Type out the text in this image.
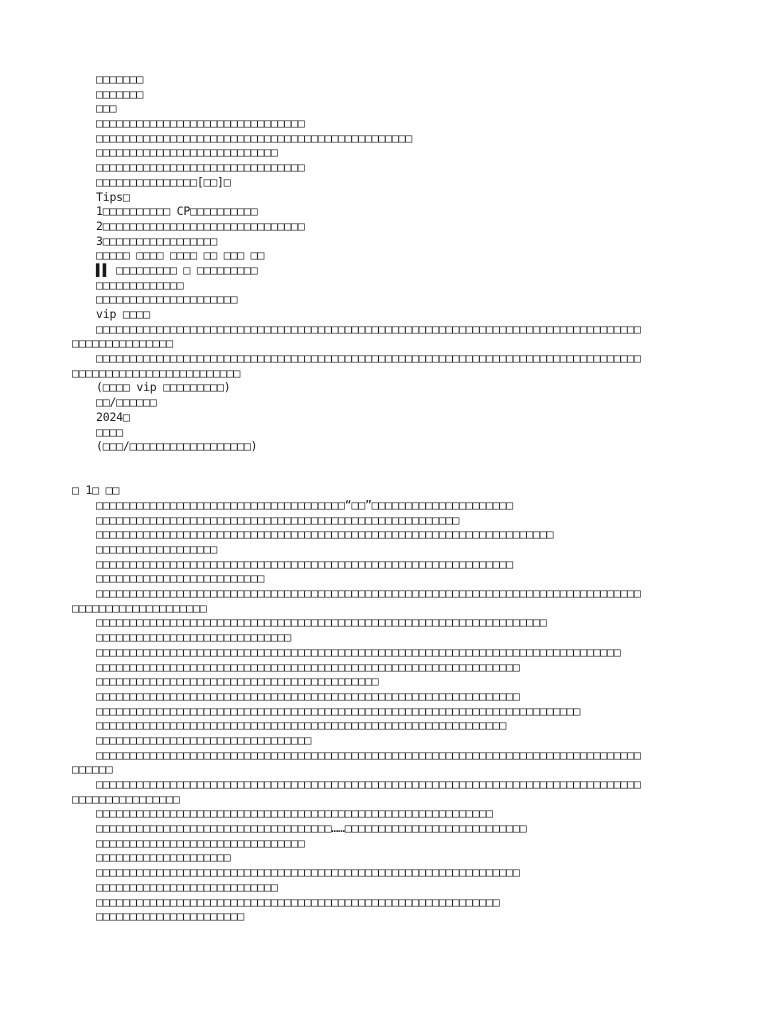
□□□□□□□
□□□□□□□
□□□
□□□□□□□□□□□□□□□□□□□□□□□□□□□□□□□
□□□□□□□□□□□□□□□□□□□□□□□□□□□□□□□□□□□□□□□□□□□□□□□
□□□□□□□□□□□□□□□□□□□□□□□□□□□
□□□□□□□□□□□□□□□□□□□□□□□□□□□□□□□
□□□□□□□□□□□□□□□[□□]□
Tips□
1□□□□□□□□□□ CP□□□□□□□□□□
2□□□□□□□□□□□□□□□□□□□□□□□□□□□□□□
3□□□□□□□□□□□□□□□□□
□□□□□ □□□□ □□□□ □□ □□□ □□
▌▌ □□□□□□□□□ □ □□□□□□□□□
□□□□□□□□□□□□□
□□□□□□□□□□□□□□□□□□□□□
vip □□□□
□□□□□□□□□□□□□□□□□□□□□□□□□□□□□□□□□□□□□□□□□□□□□□□□□□□□□□□□□□□□□□□□□□□□□□□□□□□□□□□□□
□□□□□□□□□□□□□□□
□□□□□□□□□□□□□□□□□□□□□□□□□□□□□□□□□□□□□□□□□□□□□□□□□□□□□□□□□□□□□□□□□□□□□□□□□□□□□□□□□
□□□□□□□□□□□□□□□□□□□□□□□□□
(□□□□ vip □□□□□□□□□)
□□/□□□□□□
2024□
□□□□
(□□□/□□□□□□□□□□□□□□□□□□)
□ 1□ □□
□□□□□□□□□□□□□□□□□□□□□□□□□□□□□□□□□□□□□“□□”□□□□□□□□□□□□□□□□□□□□□
□□□□□□□□□□□□□□□□□□□□□□□□□□□□□□□□□□□□□□□□□□□□□□□□□□□□□□
□□□□□□□□□□□□□□□□□□□□□□□□□□□□□□□□□□□□□□□□□□□□□□□□□□□□□□□□□□□□□□□□□□□□
□□□□□□□□□□□□□□□□□□
□□□□□□□□□□□□□□□□□□□□□□□□□□□□□□□□□□□□□□□□□□□□□□□□□□□□□□□□□□□□□□
□□□□□□□□□□□□□□□□□□□□□□□□□
□□□□□□□□□□□□□□□□□□□□□□□□□□□□□□□□□□□□□□□□□□□□□□□□□□□□□□□□□□□□□□□□□□□□□□□□□□□□□□□□□
□□□□□□□□□□□□□□□□□□□□
□□□□□□□□□□□□□□□□□□□□□□□□□□□□□□□□□□□□□□□□□□□□□□□□□□□□□□□□□□□□□□□□□□□
□□□□□□□□□□□□□□□□□□□□□□□□□□□□□
□□□□□□□□□□□□□□□□□□□□□□□□□□□□□□□□□□□□□□□□□□□□□□□□□□□□□□□□□□□□□□□□□□□□□□□□□□□□□□
□□□□□□□□□□□□□□□□□□□□□□□□□□□□□□□□□□□□□□□□□□□□□□□□□□□□□□□□□□□□□□□
□□□□□□□□□□□□□□□□□□□□□□□□□□□□□□□□□□□□□□□□□□
□□□□□□□□□□□□□□□□□□□□□□□□□□□□□□□□□□□□□□□□□□□□□□□□□□□□□□□□□□□□□□□
□□□□□□□□□□□□□□□□□□□□□□□□□□□□□□□□□□□□□□□□□□□□□□□□□□□□□□□□□□□□□□□□□□□□□□□□
□□□□□□□□□□□□□□□□□□□□□□□□□□□□□□□□□□□□□□□□□□□□□□□□□□□□□□□□□□□□□
□□□□□□□□□□□□□□□□□□□□□□□□□□□□□□□□
□□□□□□□□□□□□□□□□□□□□□□□□□□□□□□□□□□□□□□□□□□□□□□□□□□□□□□□□□□□□□□□□□□□□□□□□□□□□□□□□□
□□□□□□
□□□□□□□□□□□□□□□□□□□□□□□□□□□□□□□□□□□□□□□□□□□□□□□□□□□□□□□□□□□□□□□□□□□□□□□□□□□□□□□□□
□□□□□□□□□□□□□□□□
□□□□□□□□□□□□□□□□□□□□□□□□□□□□□□□□□□□□□□□□□□□□□□□□□□□□□□□□□□□
□□□□□□□□□□□□□□□□□□□□□□□□□□□□□□□□□□□……□□□□□□□□□□□□□□□□□□□□□□□□□□□
□□□□□□□□□□□□□□□□□□□□□□□□□□□□□□□
□□□□□□□□□□□□□□□□□□□□
□□□□□□□□□□□□□□□□□□□□□□□□□□□□□□□□□□□□□□□□□□□□□□□□□□□□□□□□□□□□□□□
□□□□□□□□□□□□□□□□□□□□□□□□□□□
□□□□□□□□□□□□□□□□□□□□□□□□□□□□□□□□□□□□□□□□□□□□□□□□□□□□□□□□□□□□
□□□□□□□□□□□□□□□□□□□□□□
